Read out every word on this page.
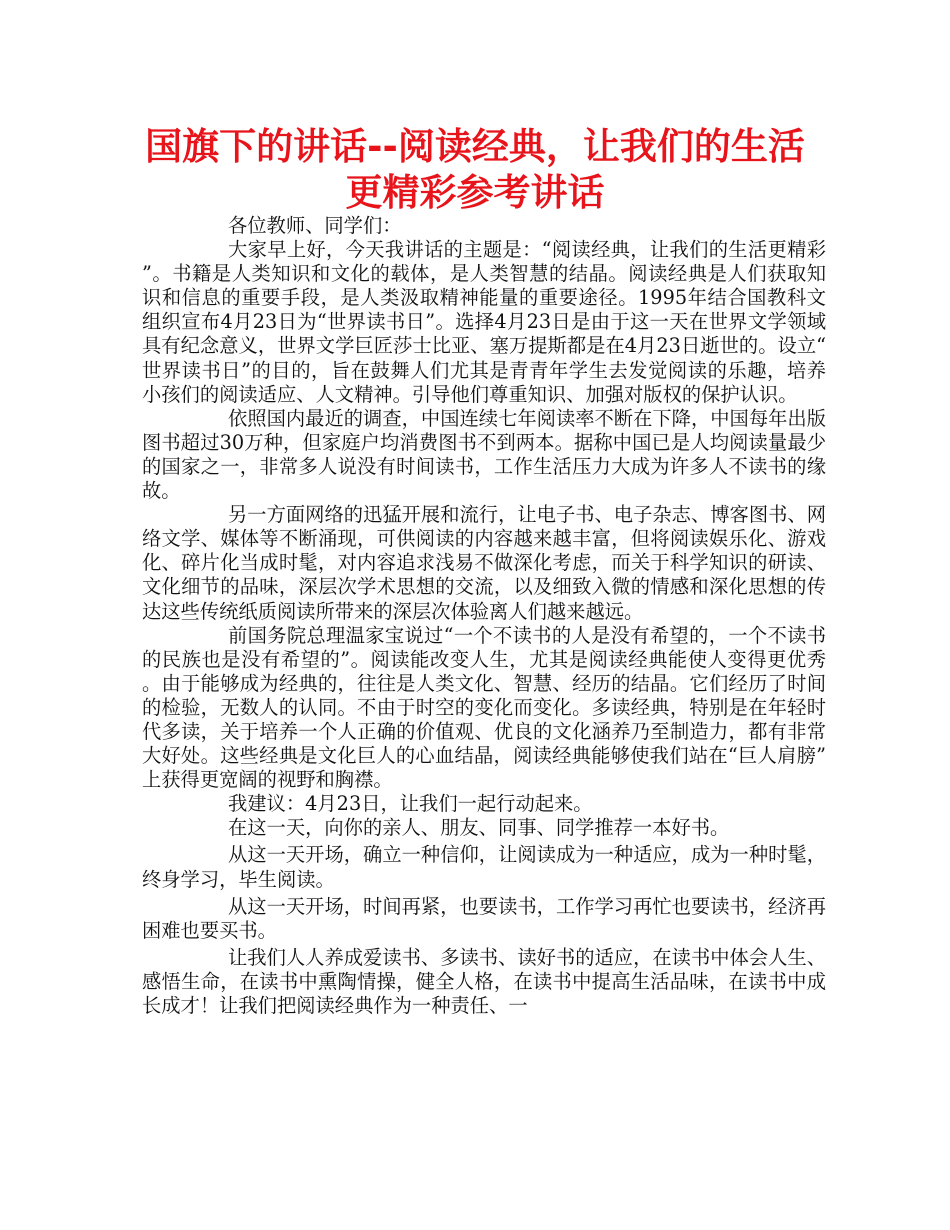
国旗下的讲话--阅读经典，让我们的生活
更精彩参考讲话

各位教师、同学们：

大家早上好，今天我讲话的主题是：“阅读经典，让我们的生活更精彩”。书籍是人类知识和文化的载体，是人类智慧的结晶。阅读经典是人们获取知识和信息的重要手段，是人类汲取精神能量的重要途径。1995年结合国教科文组织宣布4月23日为“世界读书日”。选择4月23日是由于这一天在世界文学领域具有纪念意义，世界文学巨匠莎士比亚、塞万提斯都是在4月23日逝世的。设立“世界读书日”的目的，旨在鼓舞人们尤其是青青年学生去发觉阅读的乐趣，培养小孩们的阅读适应、人文精神。引导他们尊重知识、加强对版权的保护认识。

依照国内最近的调查，中国连续七年阅读率不断在下降，中国每年出版图书超过30万种，但家庭户均消费图书不到两本。据称中国已是人均阅读量最少的国家之一，非常多人说没有时间读书，工作生活压力大成为许多人不读书的缘故。

另一方面网络的迅猛开展和流行，让电子书、电子杂志、博客图书、网络文学、媒体等不断涌现，可供阅读的内容越来越丰富，但将阅读娱乐化、游戏化、碎片化当成时髦，对内容追求浅易不做深化考虑，而关于科学知识的研读、文化细节的品味，深层次学术思想的交流，以及细致入微的情感和深化思想的传达这些传统纸质阅读所带来的深层次体验离人们越来越远。

前国务院总理温家宝说过“一个不读书的人是没有希望的，一个不读书的民族也是没有希望的”。阅读能改变人生，尤其是阅读经典能使人变得更优秀。由于能够成为经典的，往往是人类文化、智慧、经历的结晶。它们经历了时间的检验，无数人的认同。不由于时空的变化而变化。多读经典，特别是在年轻时代多读，关于培养一个人正确的价值观、优良的文化涵养乃至制造力，都有非常大好处。这些经典是文化巨人的心血结晶，阅读经典能够使我们站在“巨人肩膀”上获得更宽阔的视野和胸襟。

我建议：4月23日，让我们一起行动起来。

在这一天，向你的亲人、朋友、同事、同学推荐一本好书。

从这一天开场，确立一种信仰，让阅读成为一种适应，成为一种时髦，终身学习，毕生阅读。

从这一天开场，时间再紧，也要读书，工作学习再忙也要读书，经济再困难也要买书。

让我们人人养成爱读书、多读书、读好书的适应，在读书中体会人生、感悟生命，在读书中熏陶情操，健全人格，在读书中提高生活品味，在读书中成长成才！让我们把阅读经典作为一种责任、一
